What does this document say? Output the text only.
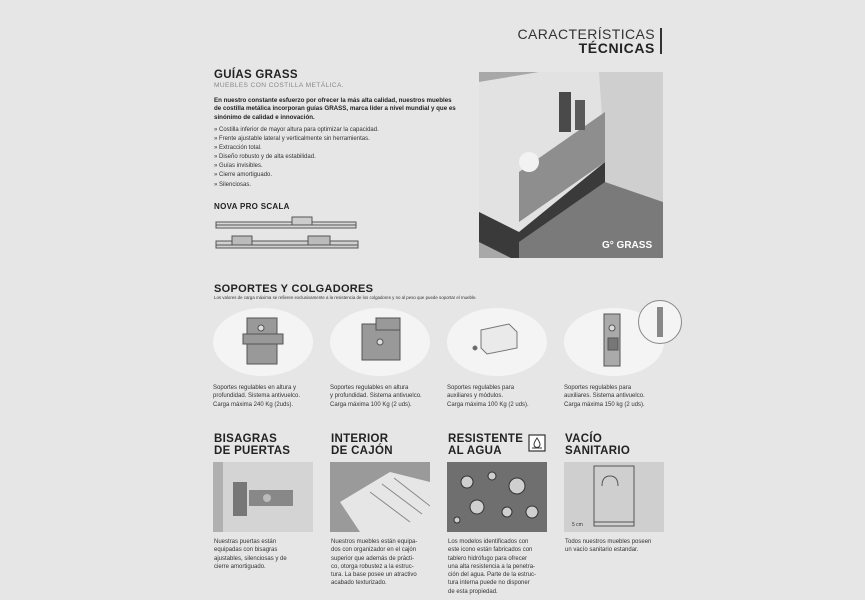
CARACTERÍSTICAS
TÉCNICAS
GUÍAS GRASS
MUEBLES CON COSTILLA METÁLICA.
En nuestro constante esfuerzo por ofrecer la más alta calidad, nuestros muebles
de costilla metálica incorporan guías GRASS, marca líder a nivel mundial y que es
sinónimo de calidad e innovación.
» Costilla inferior de mayor altura para optimizar la capacidad.
» Frente ajustable lateral y verticalmente sin herramientas.
» Extracción total.
» Diseño robusto y de alta estabilidad.
» Guías invisibles.
» Cierre amortiguado.
» Silenciosas.
NOVA PRO SCALA
G° GRASS
SOPORTES Y COLGADORES
Los valores de carga máxima se refieren exclusivamente a la resistencia de los colgadores y no al peso que puede soportar el mueble.
Soportes regulables en altura y
profundidad. Sistema antivuelco.
Carga máxima 240 Kg (2uds).
Soportes regulables en altura
y profundidad. Sistema antivuelco.
Carga máxima 100 Kg (2 uds).
Soportes regulables para
auxiliares y módulos.
Carga máxima 100 Kg (2 uds).
Soportes regulables para
auxiliares. Sistema antivuelco.
Carga máxima 150 kg (2 uds).
BISAGRAS
DE PUERTAS
INTERIOR
DE CAJÓN
RESISTENTE
AL AGUA
VACÍO
SANITARIO
5 cm
Nuestras puertas están
equipadas con bisagras
ajustables, silenciosas y de
cierre amortiguado.
Nuestros muebles están equipa-
dos con organizador en el cajón
superior que además de prácti-
co, otorga robustez a la estruc-
tura. La base posee un atractivo
acabado texturizado.
Los modelos identificados con
este icono están fabricados con
tablero hidrófugo para ofrecer
una alta resistencia a la penetra-
ción del agua. Parte de la estruc-
tura interna puede no disponer
de esta propiedad.
Todos nuestros muebles poseen
un vacío sanitario estandar.
